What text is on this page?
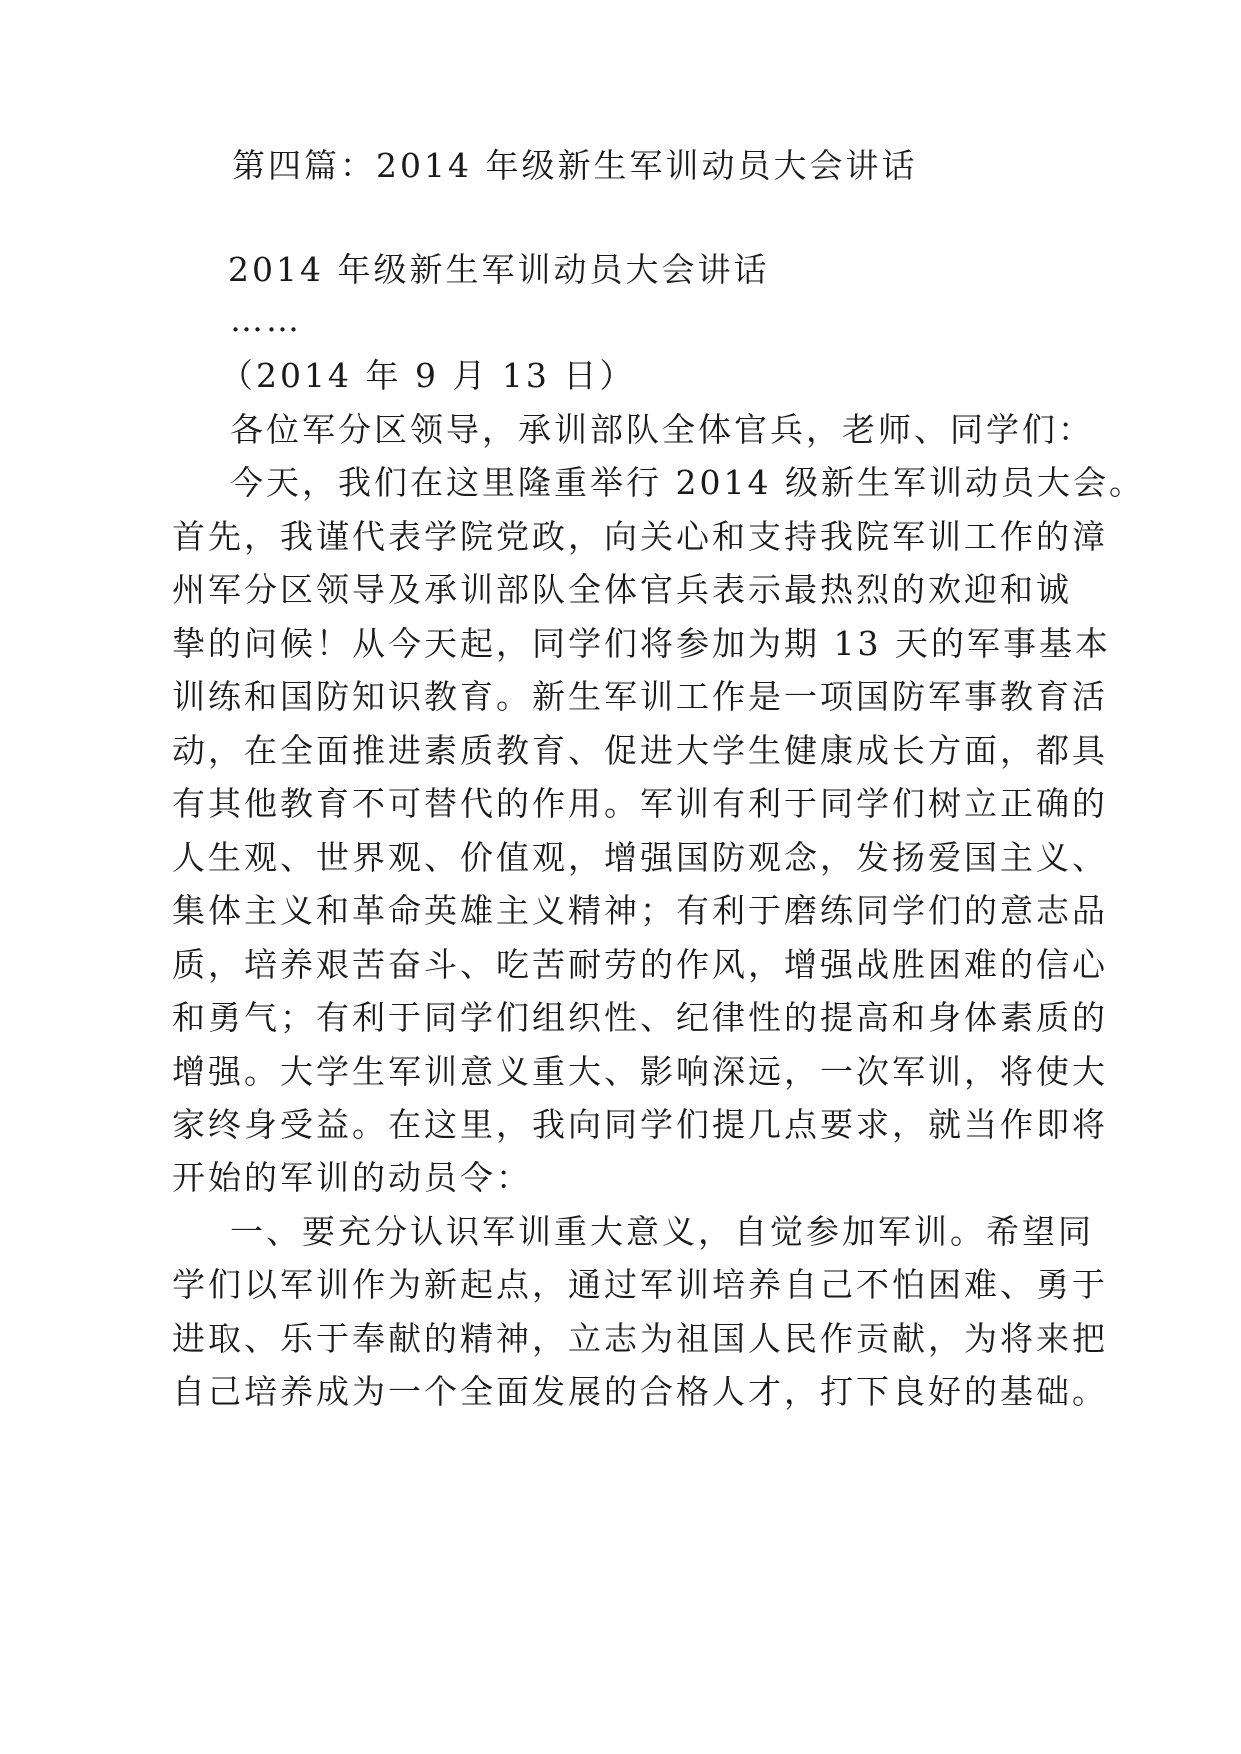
第四篇：2014 年级新生军训动员大会讲话
2014 年级新生军训动员大会讲话
……
（2014 年 9 月 13 日）
各位军分区领导，承训部队全体官兵，老师、同学们：
今天，我们在这里隆重举行 2014 级新生军训动员大会。
首先，我谨代表学院党政，向关心和支持我院军训工作的漳
州军分区领导及承训部队全体官兵表示最热烈的欢迎和诚
挚的问候！从今天起，同学们将参加为期 13 天的军事基本
训练和国防知识教育。新生军训工作是一项国防军事教育活
动，在全面推进素质教育、促进大学生健康成长方面，都具
有其他教育不可替代的作用。军训有利于同学们树立正确的
人生观、世界观、价值观，增强国防观念，发扬爱国主义、
集体主义和革命英雄主义精神；有利于磨练同学们的意志品
质，培养艰苦奋斗、吃苦耐劳的作风，增强战胜困难的信心
和勇气；有利于同学们组织性、纪律性的提高和身体素质的
增强。大学生军训意义重大、影响深远，一次军训，将使大
家终身受益。在这里，我向同学们提几点要求，就当作即将
开始的军训的动员令：
一、要充分认识军训重大意义，自觉参加军训。希望同
学们以军训作为新起点，通过军训培养自己不怕困难、勇于
进取、乐于奉献的精神，立志为祖国人民作贡献，为将来把
自己培养成为一个全面发展的合格人才，打下良好的基础。
